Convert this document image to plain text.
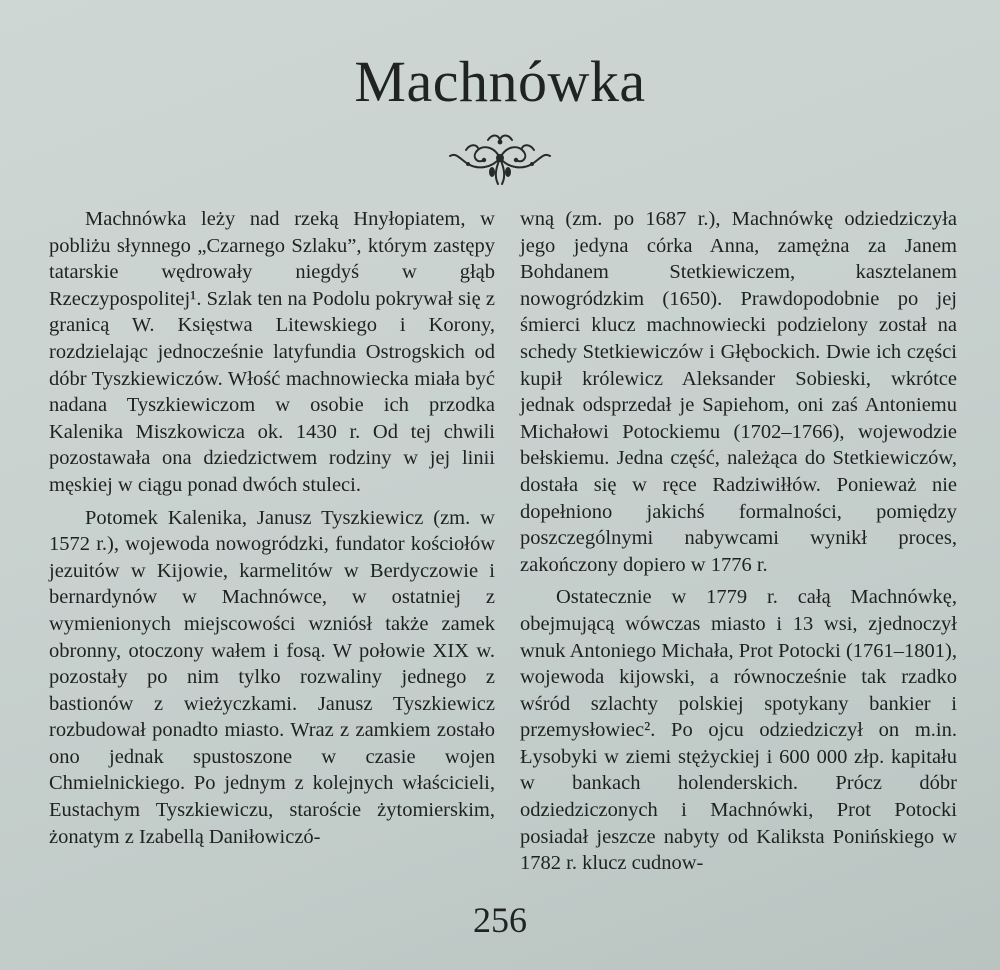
Machnówka

Machnówka leży nad rzeką Hnyłopiatem, w pobliżu słynnego „Czarnego Szlaku”, którym zastępy tatarskie wędrowały niegdyś w głąb Rzeczypospolitej¹. Szlak ten na Podolu pokrywał się z granicą W. Księstwa Litewskiego i Korony, rozdzielając jednocześnie latyfundia Ostrogskich od dóbr Tyszkiewiczów. Włość machnowiecka miała być nadana Tyszkiewiczom w osobie ich przodka Kalenika Miszkowicza ok. 1430 r. Od tej chwili pozostawała ona dziedzictwem rodziny w jej linii męskiej w ciągu ponad dwóch stuleci.

Potomek Kalenika, Janusz Tyszkiewicz (zm. w 1572 r.), wojewoda nowogródzki, fundator kościołów jezuitów w Kijowie, karmelitów w Berdyczowie i bernardynów w Machnówce, w ostatniej z wymienionych miejscowości wzniósł także zamek obronny, otoczony wałem i fosą. W połowie XIX w. pozostały po nim tylko rozwaliny jednego z bastionów z wieżyczkami. Janusz Tyszkiewicz rozbudował ponadto miasto. Wraz z zamkiem zostało ono jednak spustoszone w czasie wojen Chmielnickiego. Po jednym z kolejnych właścicieli, Eustachym Tyszkiewiczu, staroście żytomierskim, żonatym z Izabellą Daniłowiczó-

wną (zm. po 1687 r.), Machnówkę odziedziczyła jego jedyna córka Anna, zamężna za Janem Bohdanem Stetkiewiczem, kasztelanem nowogródzkim (1650). Prawdopodobnie po jej śmierci klucz machnowiecki podzielony został na schedy Stetkiewiczów i Głębockich. Dwie ich części kupił królewicz Aleksander Sobieski, wkrótce jednak odsprzedał je Sapiehom, oni zaś Antoniemu Michałowi Potockiemu (1702–1766), wojewodzie bełskiemu. Jedna część, należąca do Stetkiewiczów, dostała się w ręce Radziwiłłów. Ponieważ nie dopełniono jakichś formalności, pomiędzy poszczególnymi nabywcami wynikł proces, zakończony dopiero w 1776 r.

Ostatecznie w 1779 r. całą Machnówkę, obejmującą wówczas miasto i 13 wsi, zjednoczył wnuk Antoniego Michała, Prot Potocki (1761–1801), wojewoda kijowski, a równocześnie tak rzadko wśród szlachty polskiej spotykany bankier i przemysłowiec². Po ojcu odziedziczył on m.in. Łysobyki w ziemi stężyckiej i 600 000 złp. kapitału w bankach holenderskich. Prócz dóbr odziedziczonych i Machnówki, Prot Potocki posiadał jeszcze nabyty od Kaliksta Ponińskiego w 1782 r. klucz cudnow-

256
